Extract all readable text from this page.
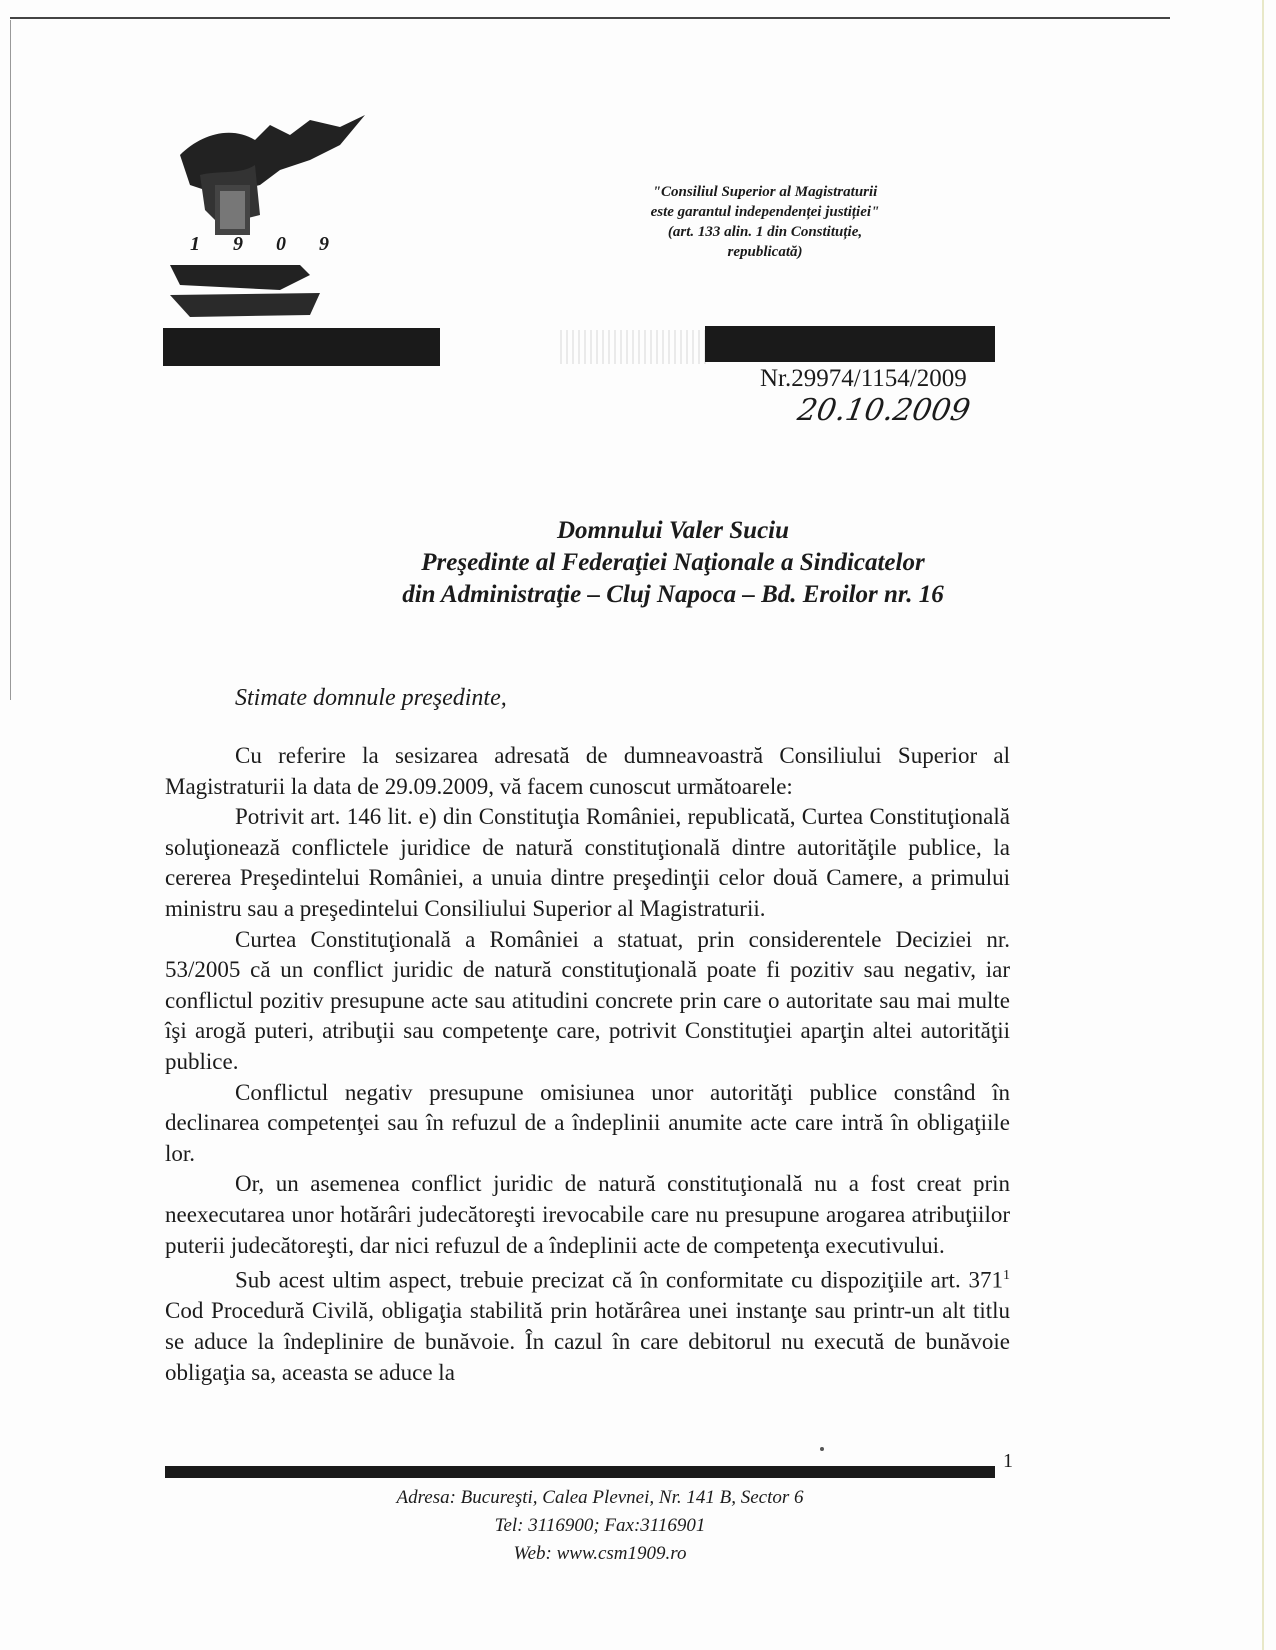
1 9 0 9
"Consiliul Superior al Magistraturii
este garantul independenței justiției"
(art. 133 alin. 1 din Constituție,
republicată)
Nr.29974/1154/2009
20.10.2009
Domnului Valer Suciu
Preşedinte al Federaţiei Naţionale a Sindicatelor
din Administraţie – Cluj Napoca – Bd. Eroilor nr. 16
Stimate domnule preşedinte,

Cu referire la sesizarea adresată de dumneavoastră Consiliului Superior al Magistraturii la data de 29.09.2009, vă facem cunoscut următoarele:

Potrivit art. 146 lit. e) din Constituţia României, republicată, Curtea Constituţională soluţionează conflictele juridice de natură constituţională dintre autorităţile publice, la cererea Preşedintelui României, a unuia dintre preşedinţii celor două Camere, a primului ministru sau a preşedintelui Consiliului Superior al Magistraturii.

Curtea Constituţională a României a statuat, prin considerentele Deciziei nr. 53/2005 că un conflict juridic de natură constituţională poate fi pozitiv sau negativ, iar conflictul pozitiv presupune acte sau atitudini concrete prin care o autoritate sau mai multe îşi arogă puteri, atribuţii sau competenţe care, potrivit Constituţiei aparţin altei autorităţii publice.

Conflictul negativ presupune omisiunea unor autorităţi publice constând în declinarea competenţei sau în refuzul de a îndeplinii anumite acte care intră în obligaţiile lor.

Or, un asemenea conflict juridic de natură constituţională nu a fost creat prin neexecutarea unor hotărâri judecătoreşti irevocabile care nu presupune arogarea atribuţiilor puterii judecătoreşti, dar nici refuzul de a îndeplinii acte de competenţa executivului.

Sub acest ultim aspect, trebuie precizat că în conformitate cu dispoziţiile art. $371^1$ Cod Procedură Civilă, obligaţia stabilită prin hotărârea unei instanţe sau printr-un alt titlu se aduce la îndeplinire de bunăvoie. În cazul în care debitorul nu execută de bunăvoie obligaţia sa, aceasta se aduce la

1
Adresa: Bucureşti, Calea Plevnei, Nr. 141 B, Sector 6
Tel: 3116900; Fax:3116901
Web: www.csm1909.ro
